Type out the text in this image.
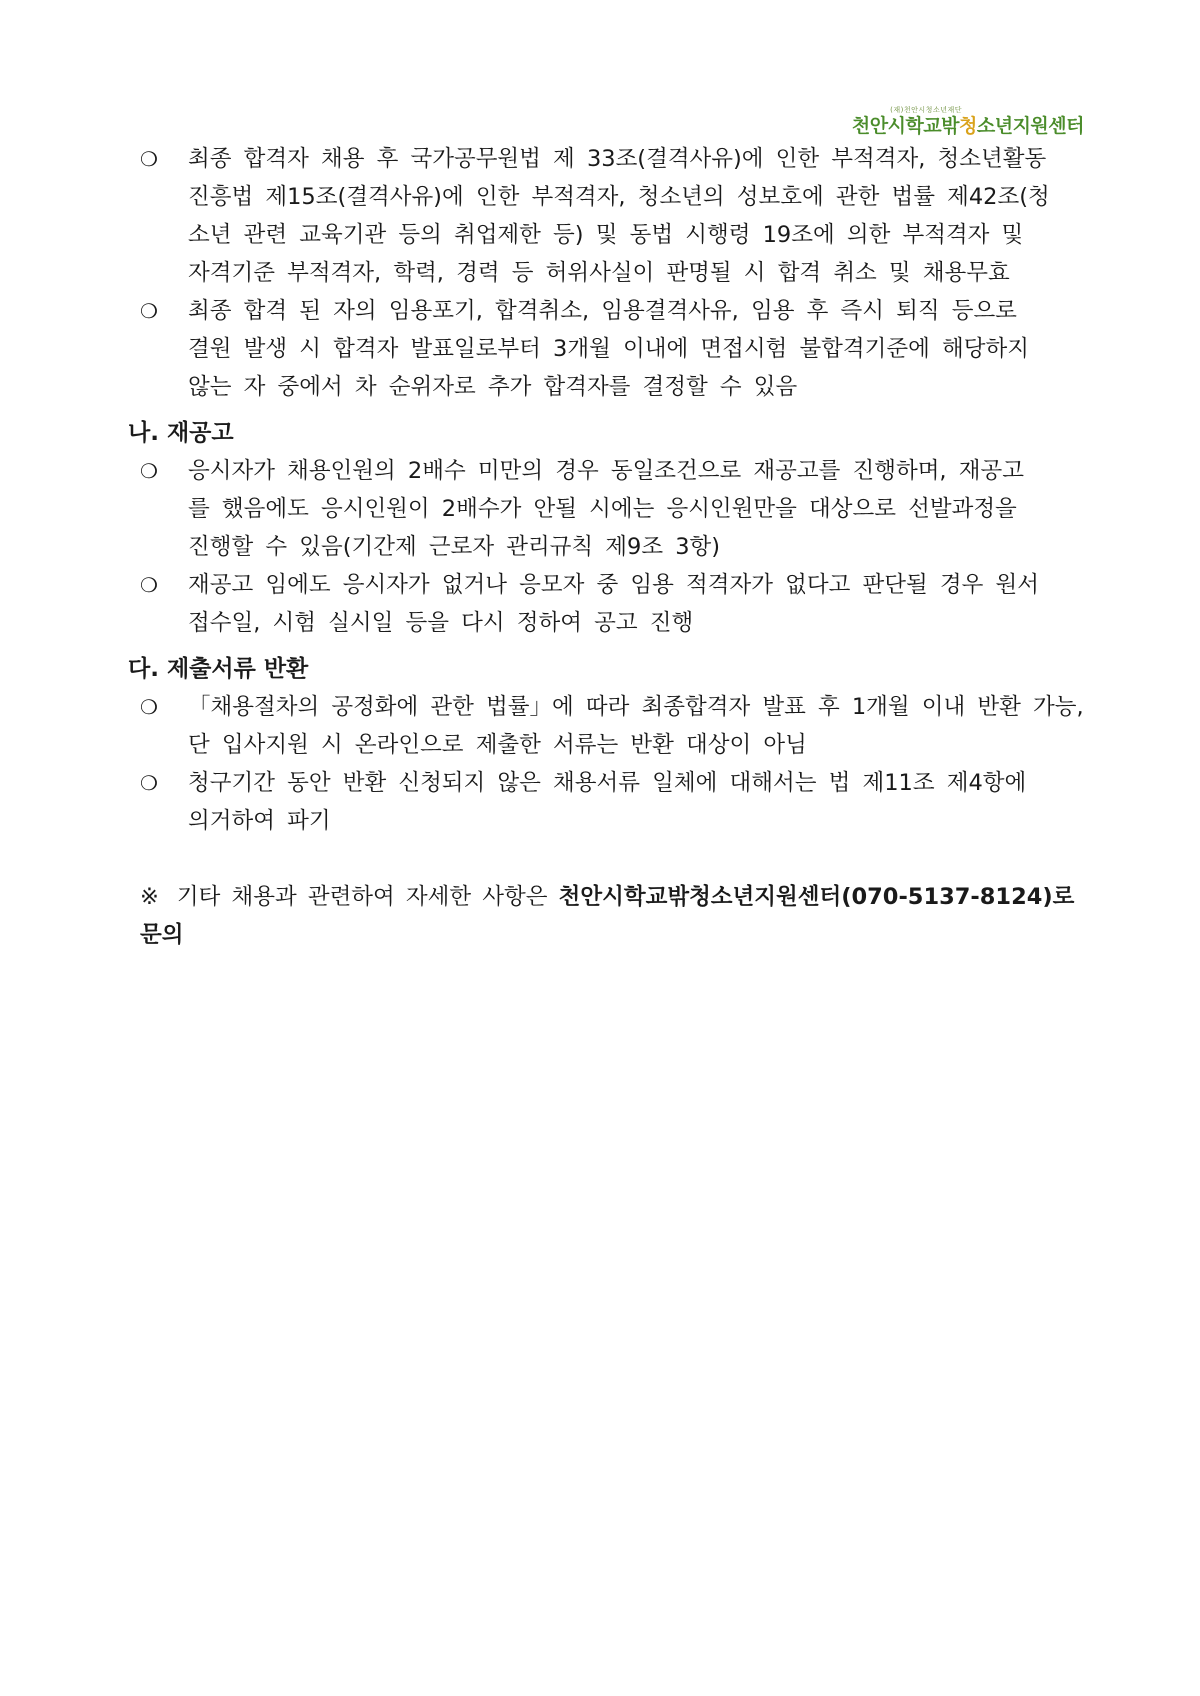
(재)천안시청소년재단
천안시학교밖청소년지원센터
❍ 최종 합격자 채용 후 국가공무원법 제 33조(결격사유)에 인한 부적격자, 청소년활동

진흥법 제15조(결격사유)에 인한 부적격자, 청소년의 성보호에 관한 법률 제42조(청

소년 관련 교육기관 등의 취업제한 등) 및 동법 시행령 19조에 의한 부적격자 및

자격기준 부적격자, 학력, 경력 등 허위사실이 판명될 시 합격 취소 및 채용무효

❍ 최종 합격 된 자의 임용포기, 합격취소, 임용결격사유, 임용 후 즉시 퇴직 등으로

결원 발생 시 합격자 발표일로부터 3개월 이내에 면접시험 불합격기준에 해당하지

않는 자 중에서 차 순위자로 추가 합격자를 결정할 수 있음

나. 재공고
❍ 응시자가 채용인원의 2배수 미만의 경우 동일조건으로 재공고를 진행하며, 재공고

를 했음에도 응시인원이 2배수가 안될 시에는 응시인원만을 대상으로 선발과정을

진행할 수 있음(기간제 근로자 관리규칙 제9조 3항)

❍ 재공고 임에도 응시자가 없거나 응모자 중 임용 적격자가 없다고 판단될 경우 원서

접수일, 시험 실시일 등을 다시 정하여 공고 진행

다. 제출서류 반환
❍ 「채용절차의 공정화에 관한 법률」에 따라 최종합격자 발표 후 1개월 이내 반환 가능,

단 입사지원 시 온라인으로 제출한 서류는 반환 대상이 아님

❍ 청구기간 동안 반환 신청되지 않은 채용서류 일체에 대해서는 법 제11조 제4항에

의거하여 파기

※ 기타 채용과 관련하여 자세한 사항은 천안시학교밖청소년지원센터(070-5137-8124)로 문의
